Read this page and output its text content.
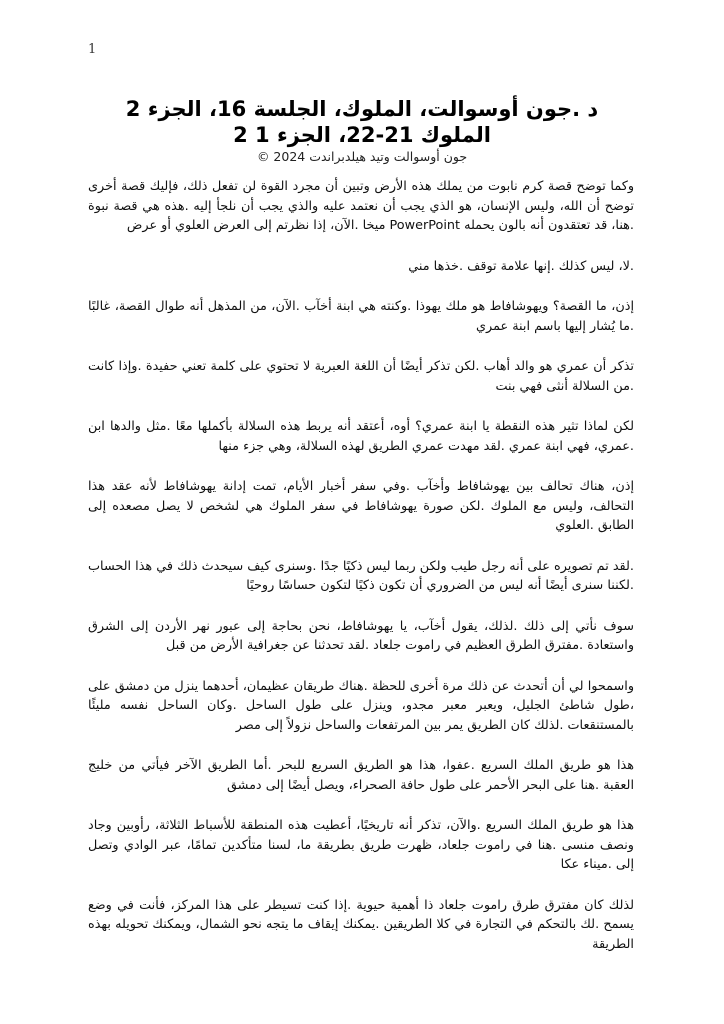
1
د .جون أوسوالت، الملوك، الجلسة 16، الجزء 2
الملوك 21-22، الجزء 1 2
جون أوسوالت وتيد هيلدبراندت 2024 ©

وكما توضح قصة كرم نابوت من يملك هذه الأرض وتبين أن مجرد القوة لن تفعل ذلك، فإليك قصة أخرى توضح أن الله، وليس الإنسان، هو الذي يجب أن نعتمد عليه والذي يجب أن نلجأ إليه .هذه هي قصة نبوة .هنا، قد تعتقدون أنه بالون يحمله PowerPoint ميخا .الآن، إذا نظرتم إلى العرض العلوي أو عرض

.لا، ليس كذلك .إنها علامة توقف .خذها مني

إذن، ما القصة؟ ويهوشافاط هو ملك يهوذا .وكنته هي ابنة أخآب .الآن، من المذهل أنه طوال القصة، غالبًا .ما يُشار إليها باسم ابنة عمري

تذكر أن عمري هو والد أهاب .لكن تذكر أيضًا أن اللغة العبرية لا تحتوي على كلمة تعني حفيدة .وإذا كانت .من السلالة أنثى فهي بنت

لكن لماذا تثير هذه النقطة يا ابنة عمري؟ أوه، أعتقد أنه يربط هذه السلالة بأكملها معًا .مثل والدها ابن .عمري، فهي ابنة عمري .لقد مهدت عمري الطريق لهذه السلالة، وهي جزء منها

إذن، هناك تحالف بين يهوشافاط وأخآب .وفي سفر أخبار الأيام، تمت إدانة يهوشافاط لأنه عقد هذا التحالف، وليس مع الملوك .لكن صورة يهوشافاط في سفر الملوك هي لشخص لا يصل مصعده إلى الطابق .العلوي

.لقد تم تصويره على أنه رجل طيب ولكن ربما ليس ذكيًا جدًا .وسنرى كيف سيحدث ذلك في هذا الحساب .لكننا سنرى أيضًا أنه ليس من الضروري أن تكون ذكيًا لتكون حساسًا روحيًا

سوف نأتي إلى ذلك .لذلك، يقول أخآب، يا يهوشافاط، نحن بحاجة إلى عبور نهر الأردن إلى الشرق واستعادة .مفترق الطرق العظيم في راموت جلعاد .لقد تحدثنا عن جغرافية الأرض من قبل

واسمحوا لي أن أتحدث عن ذلك مرة أخرى للحظة .هناك طريقان عظيمان، أحدهما ينزل من دمشق على ،طول شاطئ الجليل، ويعبر معبر مجدو، وينزل على طول الساحل .وكان الساحل نفسه مليئًا بالمستنقعات .لذلك كان الطريق يمر بين المرتفعات والساحل نزولاً إلى مصر

هذا هو طريق الملك السريع .عفوا، هذا هو الطريق السريع للبحر .أما الطريق الآخر فيأتي من خليج العقبة .هنا على البحر الأحمر على طول حافة الصحراء، ويصل أيضًا إلى دمشق

هذا هو طريق الملك السريع .والآن، تذكر أنه تاريخيًا، أعطيت هذه المنطقة للأسباط الثلاثة، رأوبين وجاد ونصف منسى .هنا في راموت جلعاد، ظهرت طريق بطريقة ما، لسنا متأكدين تمامًا، عبر الوادي وتصل إلى .ميناء عكا

لذلك كان مفترق طرق راموت جلعاد ذا أهمية حيوية .إذا كنت تسيطر على هذا المركز، فأنت في وضع يسمح .لك بالتحكم في التجارة في كلا الطريقين .يمكنك إيقاف ما يتجه نحو الشمال، ويمكنك تحويله بهذه الطريقة
